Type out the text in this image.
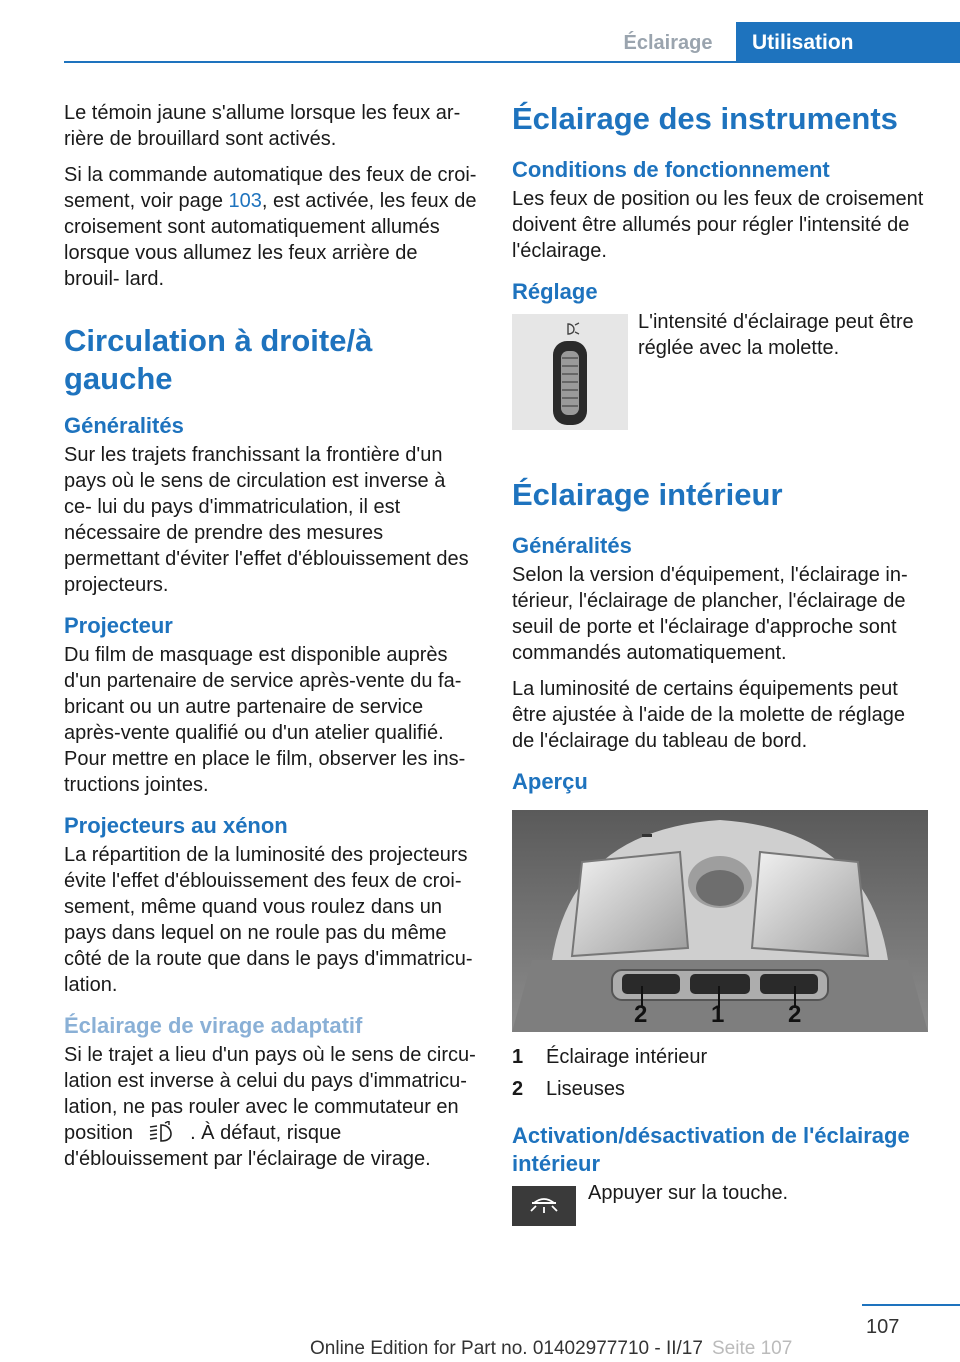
Éclairage	Utilisation

Le témoin jaune s'allume lorsque les feux ar- rière de brouillard sont activés.

Si la commande automatique des feux de croi- sement, voir page 103, est activée, les feux de croisement sont automatiquement allumés lorsque vous allumez les feux arrière de brouil- lard.

Circulation à droite/à gauche
Généralités

Sur les trajets franchissant la frontière d'un pays où le sens de circulation est inverse à ce- lui du pays d'immatriculation, il est nécessaire de prendre des mesures permettant d'éviter l'effet d'éblouissement des projecteurs.

Projecteur

Du film de masquage est disponible auprès d'un partenaire de service après-vente du fa- bricant ou un autre partenaire de service après-vente qualifié ou d'un atelier qualifié. Pour mettre en place le film, observer les ins- tructions jointes.

Projecteurs au xénon

La répartition de la luminosité des projecteurs évite l'effet d'éblouissement des feux de croi- sement, même quand vous roulez dans un pays dans lequel on ne roule pas du même côté de la route que dans le pays d'immatricu- lation.

Éclairage de virage adaptatif

Si le trajet a lieu d'un pays où le sens de circu- lation est inverse à celui du pays d'immatricu- lation, ne pas rouler avec le commutateur en position	. À défaut, risque d'éblouissement par l'éclairage de virage.

Éclairage des instruments
Conditions de fonctionnement

Les feux de position ou les feux de croisement doivent être allumés pour régler l'intensité de l'éclairage.

Réglage

L'intensité d'éclairage peut être réglée avec la molette.

Éclairage intérieur
Généralités

Selon la version d'équipement, l'éclairage in- térieur, l'éclairage de plancher, l'éclairage de seuil de porte et l'éclairage d'approche sont commandés automatiquement.

La luminosité de certains équipements peut être ajustée à l'aide de la molette de réglage de l'éclairage du tableau de bord.

Aperçu
2	1	2
1	Éclairage intérieur
2	Liseuses
Activation/désactivation de l'éclairage intérieur

Appuyer sur la touche.

107
Online Edition for Part no. 01402977710 - II/17 Seite 107
